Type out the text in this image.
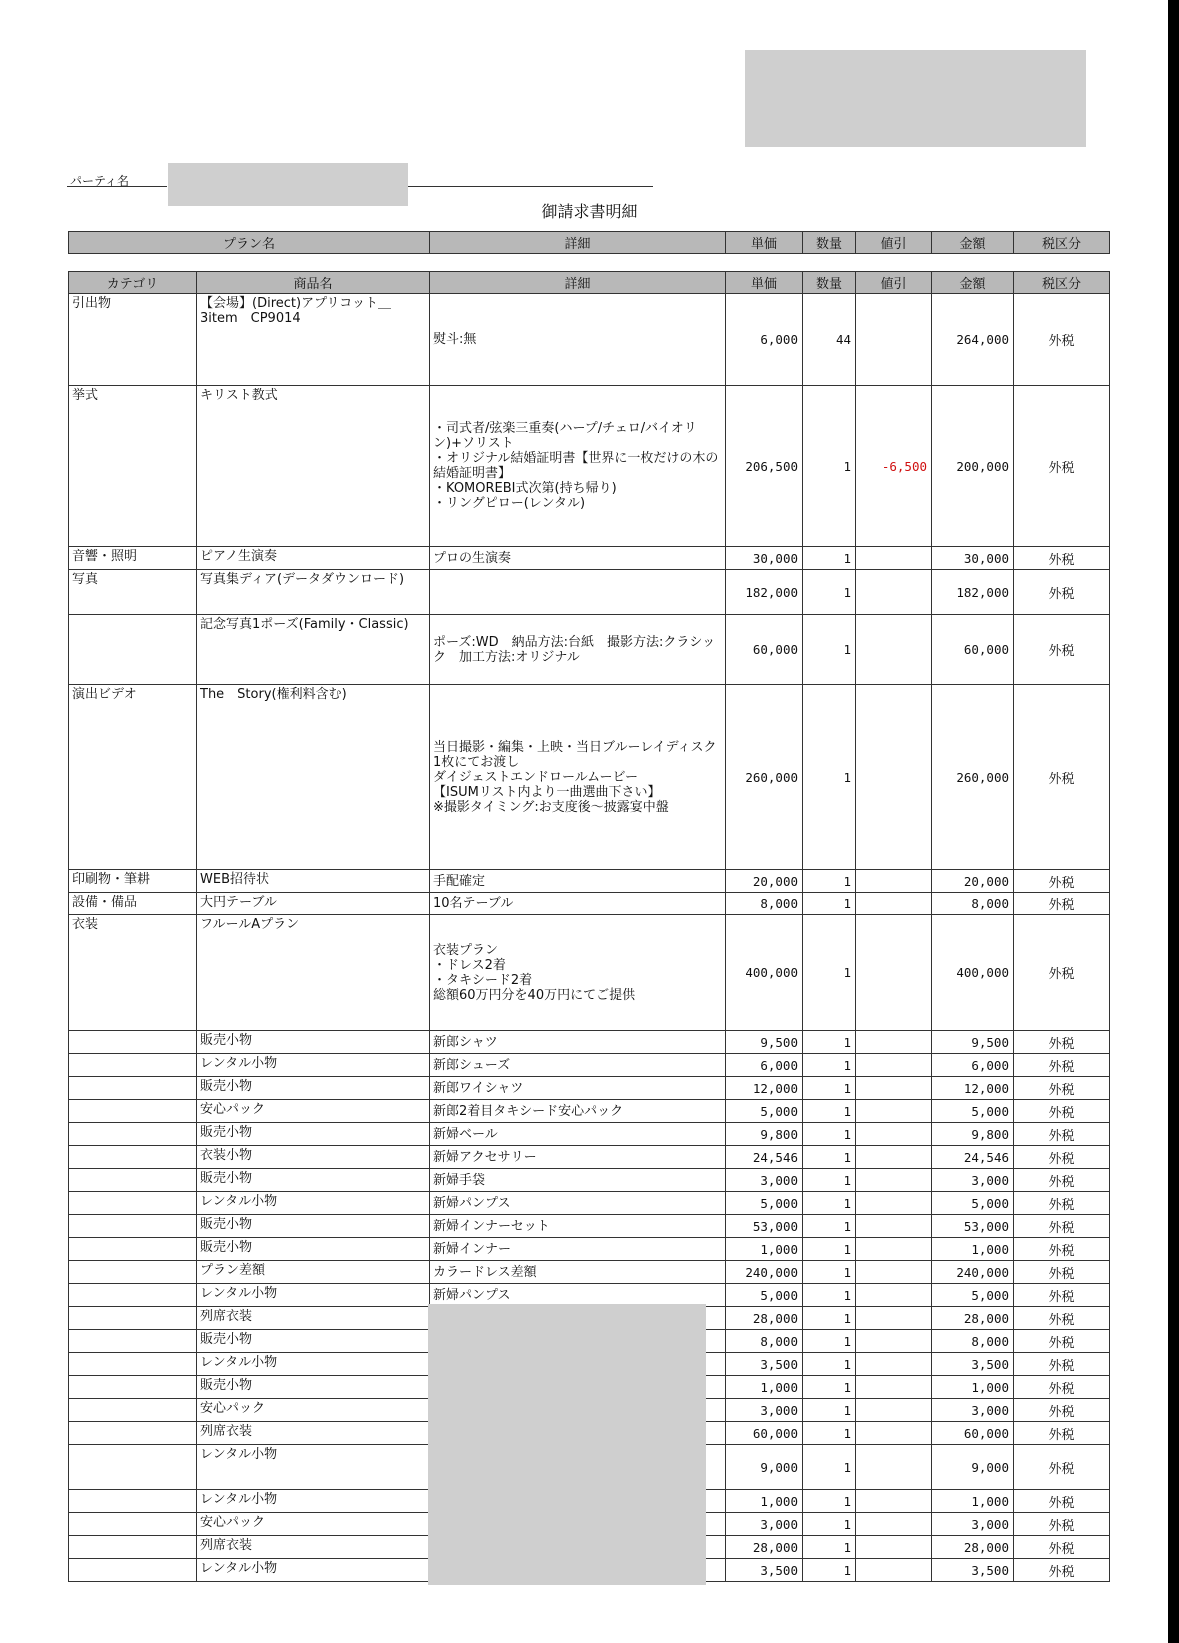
パーティ名
御請求書明細
プラン名	詳細	単価	数量	値引	金額	税区分
カテゴリ	商品名	詳細	単価	数量	値引	金額	税区分
引出物	【会場】(Direct)アプリコット＿3item　CP9014	熨斗:無	6,000	44		264,000	外税
挙式	キリスト教式	・司式者/弦楽三重奏(ハープ/チェロ/バイオリン)+ソリスト
・オリジナル結婚証明書【世界に一枚だけの木の結婚証明書】
・KOMOREBI式次第(持ち帰り)
・リングピロー(レンタル)	206,500	1	-6,500	200,000	外税
音響・照明	ピアノ生演奏	プロの生演奏	30,000	1		30,000	外税
写真	写真集ディア(データダウンロード)		182,000	1		182,000	外税
	記念写真1ポーズ(Family・Classic)	ポーズ:WD　納品方法:台紙　撮影方法:クラシック　加工方法:オリジナル	60,000	1		60,000	外税
演出ビデオ	The　Story(権利料含む)	当日撮影・編集・上映・当日ブルーレイディスク1枚にてお渡し
ダイジェストエンドロールムービー
【ISUMリスト内より一曲選曲下さい】
※撮影タイミング:お支度後～披露宴中盤	260,000	1		260,000	外税
印刷物・筆耕	WEB招待状	手配確定	20,000	1		20,000	外税
設備・備品	大円テーブル	10名テーブル	8,000	1		8,000	外税
衣装	フルールAプラン	衣装プラン
・ドレス2着
・タキシード2着
総額60万円分を40万円にてご提供	400,000	1		400,000	外税
	販売小物	新郎シャツ	9,500	1		9,500	外税
	レンタル小物	新郎シューズ	6,000	1		6,000	外税
	販売小物	新郎ワイシャツ	12,000	1		12,000	外税
	安心パック	新郎2着目タキシード安心パック	5,000	1		5,000	外税
	販売小物	新婦ベール	9,800	1		9,800	外税
	衣装小物	新婦アクセサリー	24,546	1		24,546	外税
	販売小物	新婦手袋	3,000	1		3,000	外税
	レンタル小物	新婦パンプス	5,000	1		5,000	外税
	販売小物	新婦インナーセット	53,000	1		53,000	外税
	販売小物	新婦インナー	1,000	1		1,000	外税
	プラン差額	カラードレス差額	240,000	1		240,000	外税
	レンタル小物	新婦パンプス	5,000	1		5,000	外税
	列席衣装		28,000	1		28,000	外税
	販売小物		8,000	1		8,000	外税
	レンタル小物		3,500	1		3,500	外税
	販売小物		1,000	1		1,000	外税
	安心パック		3,000	1		3,000	外税
	列席衣装		60,000	1		60,000	外税
	レンタル小物		9,000	1		9,000	外税
	レンタル小物		1,000	1		1,000	外税
	安心パック		3,000	1		3,000	外税
	列席衣装		28,000	1		28,000	外税
	レンタル小物		3,500	1		3,500	外税
